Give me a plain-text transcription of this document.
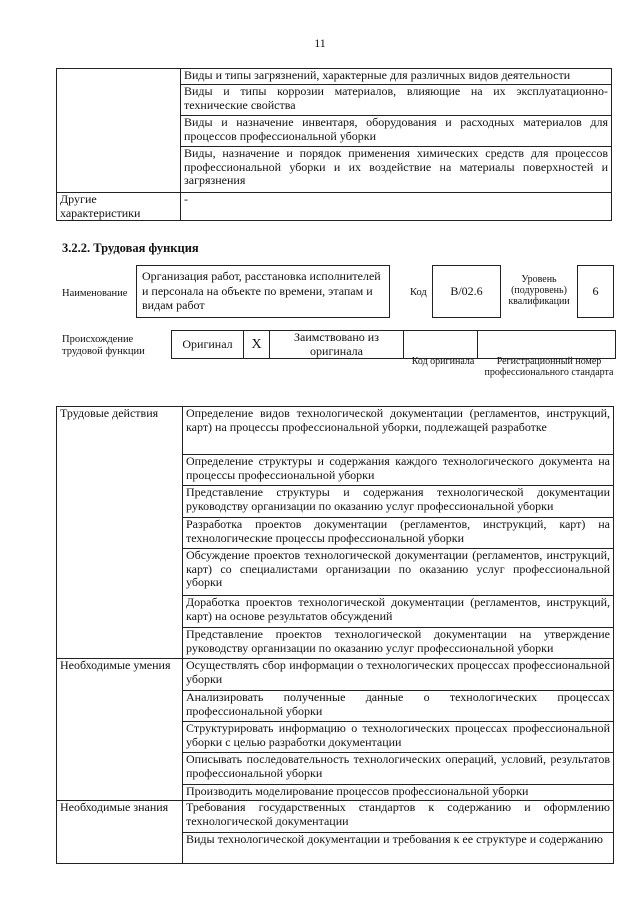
11
	Виды и типы загрязнений, характерные для различных видов деятельности
	Виды и типы коррозии материалов, влияющие на их эксплуатационно-технические свойства
	Виды и назначение инвентаря, оборудования и расходных материалов для процессов профессиональной уборки
	Виды, назначение и порядок применения химических средств для процессов профессиональной уборки и их воздействие на материалы поверхностей и загрязнения
Другие характеристики	-
3.2.2. Трудовая функция
Наименование
Организация работ, расстановка исполнителей и персонала на объекте по времени, этапам и видам работ
Код	B/02.6
Уровень (подуровень) квалификации
6
Происхождение трудовой функции
Оригинал	X	Заимствовано из оригинала		
Код оригинала	Регистрационный номер профессионального стандарта
Трудовые действия	Определение видов технологической документации (регламентов, инструкций, карт) на процессы профессиональной уборки, подлежащей разработке
	Определение структуры и содержания каждого технологического документа на процессы профессиональной уборки
	Представление структуры и содержания технологической документации руководству организации по оказанию услуг профессиональной уборки
	Разработка проектов документации (регламентов, инструкций, карт) на технологические процессы профессиональной уборки
	Обсуждение проектов технологической документации (регламентов, инструкций, карт) со специалистами организации по оказанию услуг профессиональной уборки
	Доработка проектов технологической документации (регламентов, инструкций, карт) на основе результатов обсуждений
	Представление проектов технологической документации на утверждение руководству организации по оказанию услуг профессиональной уборки
Необходимые умения	Осуществлять сбор информации о технологических процессах профессиональной уборки
	Анализировать полученные данные о технологических процессах профессиональной уборки
	Структурировать информацию о технологических процессах профессиональной уборки с целью разработки документации
	Описывать последовательность технологических операций, условий, результатов профессиональной уборки
	Производить моделирование процессов профессиональной уборки
Необходимые знания	Требования государственных стандартов к содержанию и оформлению технологической документации
	Виды технологической документации и требования к ее структуре и содержанию
